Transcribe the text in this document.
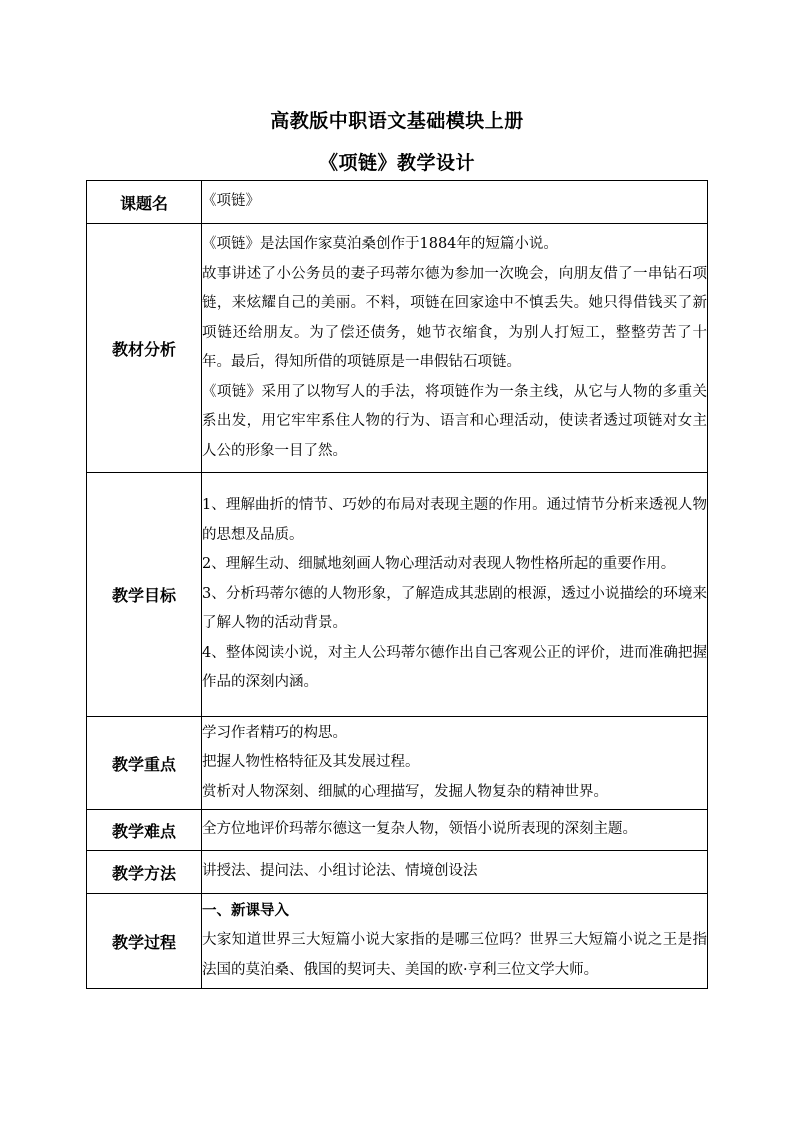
高教版中职语文基础模块上册
《项链》教学设计
课题名	《项链》

教材分析	《项链》是法国作家莫泊桑创作于1884年的短篇小说。

故事讲述了小公务员的妻子玛蒂尔德为参加一次晚会，向朋友借了一串钻石项链，来炫耀自己的美丽。不料，项链在回家途中不慎丢失。她只得借钱买了新项链还给朋友。为了偿还债务，她节衣缩食，为别人打短工，整整劳苦了十年。最后，得知所借的项链原是一串假钻石项链。

《项链》采用了以物写人的手法，将项链作为一条主线，从它与人物的多重关系出发，用它牢牢系住人物的行为、语言和心理活动，使读者透过项链对女主人公的形象一目了然。

教学目标	1、理解曲折的情节、巧妙的布局对表现主题的作用。通过情节分析来透视人物的思想及品质。

2、理解生动、细腻地刻画人物心理活动对表现人物性格所起的重要作用。

3、分析玛蒂尔德的人物形象，了解造成其悲剧的根源，透过小说描绘的环境来了解人物的活动背景。

4、整体阅读小说，对主人公玛蒂尔德作出自己客观公正的评价，进而准确把握作品的深刻内涵。

教学重点	学习作者精巧的构思。

把握人物性格特征及其发展过程。

赏析对人物深刻、细腻的心理描写，发掘人物复杂的精神世界。

教学难点	全方位地评价玛蒂尔德这一复杂人物，领悟小说所表现的深刻主题。

教学方法	讲授法、提问法、小组讨论法、情境创设法

教学过程	一、新课导入

大家知道世界三大短篇小说大家指的是哪三位吗？世界三大短篇小说之王是指法国的莫泊桑、俄国的契诃夫、美国的欧·亨利三位文学大师。
